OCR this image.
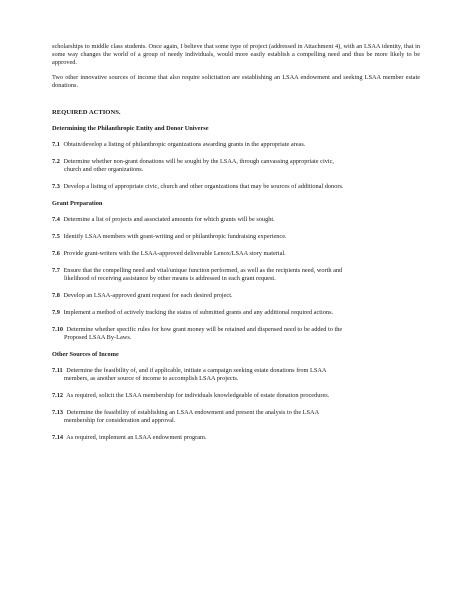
scholarships to middle class students. Once again, I believe that some type of project (addressed in Attachment 4), with an LSAA identity, that in some way changes the world of a group of needy individuals, would more easily establish a compelling need and thus be more likely to be approved.

Two other innovative sources of income that also require solicitation are establishing an LSAA endowment and seeking LSAA member estate donations.

REQUIRED ACTIONS.
Determining the Philanthropic Entity and Donor Universe
7.1 Obtain/develop a listing of philanthropic organizations awarding grants in the appropriate areas.
7.2 Determine whether non-grant donations will be sought by the LSAA, through canvassing appropriate civic,
church and other organizations.
7.3 Develop a listing of appropriate civic, church and other organizations that may be sources of additional donors.
Grant Preparation
7.4 Determine a list of projects and associated amounts for which grants will be sought.
7.5 Identify LSAA members with grant-writing and or philanthropic fundraising experience.
7.6 Provide grant-writers with the LSAA-approved deliverable Lenox/LSAA story material.
7.7 Ensure that the compelling need and vital/unique function performed, as well as the recipients need, worth and
likelihood of receiving assistance by other means is addressed in each grant request.
7.8 Develop an LSAA-approved grant request for each desired project.
7.9 Implement a method of actively tracking the status of submitted grants and any additional required actions.
7.10 Determine whether specific rules for how grant money will be retained and dispensed need to be added to the
Proposed LSAA By-Laws.
Other Sources of Income
7.11 Determine the feasibility of, and if applicable, initiate a campaign seeking estate donations from LSAA
members, as another source of income to accomplish LSAA projects.
7.12 As required, solicit the LSAA membership for individuals knowledgeable of estate donation procedures.
7.13 Determine the feasibility of establishing an LSAA endowment and present the analysis to the LSAA
membership for consideration and approval.
7.14 As required, implement an LSAA endowment program.
